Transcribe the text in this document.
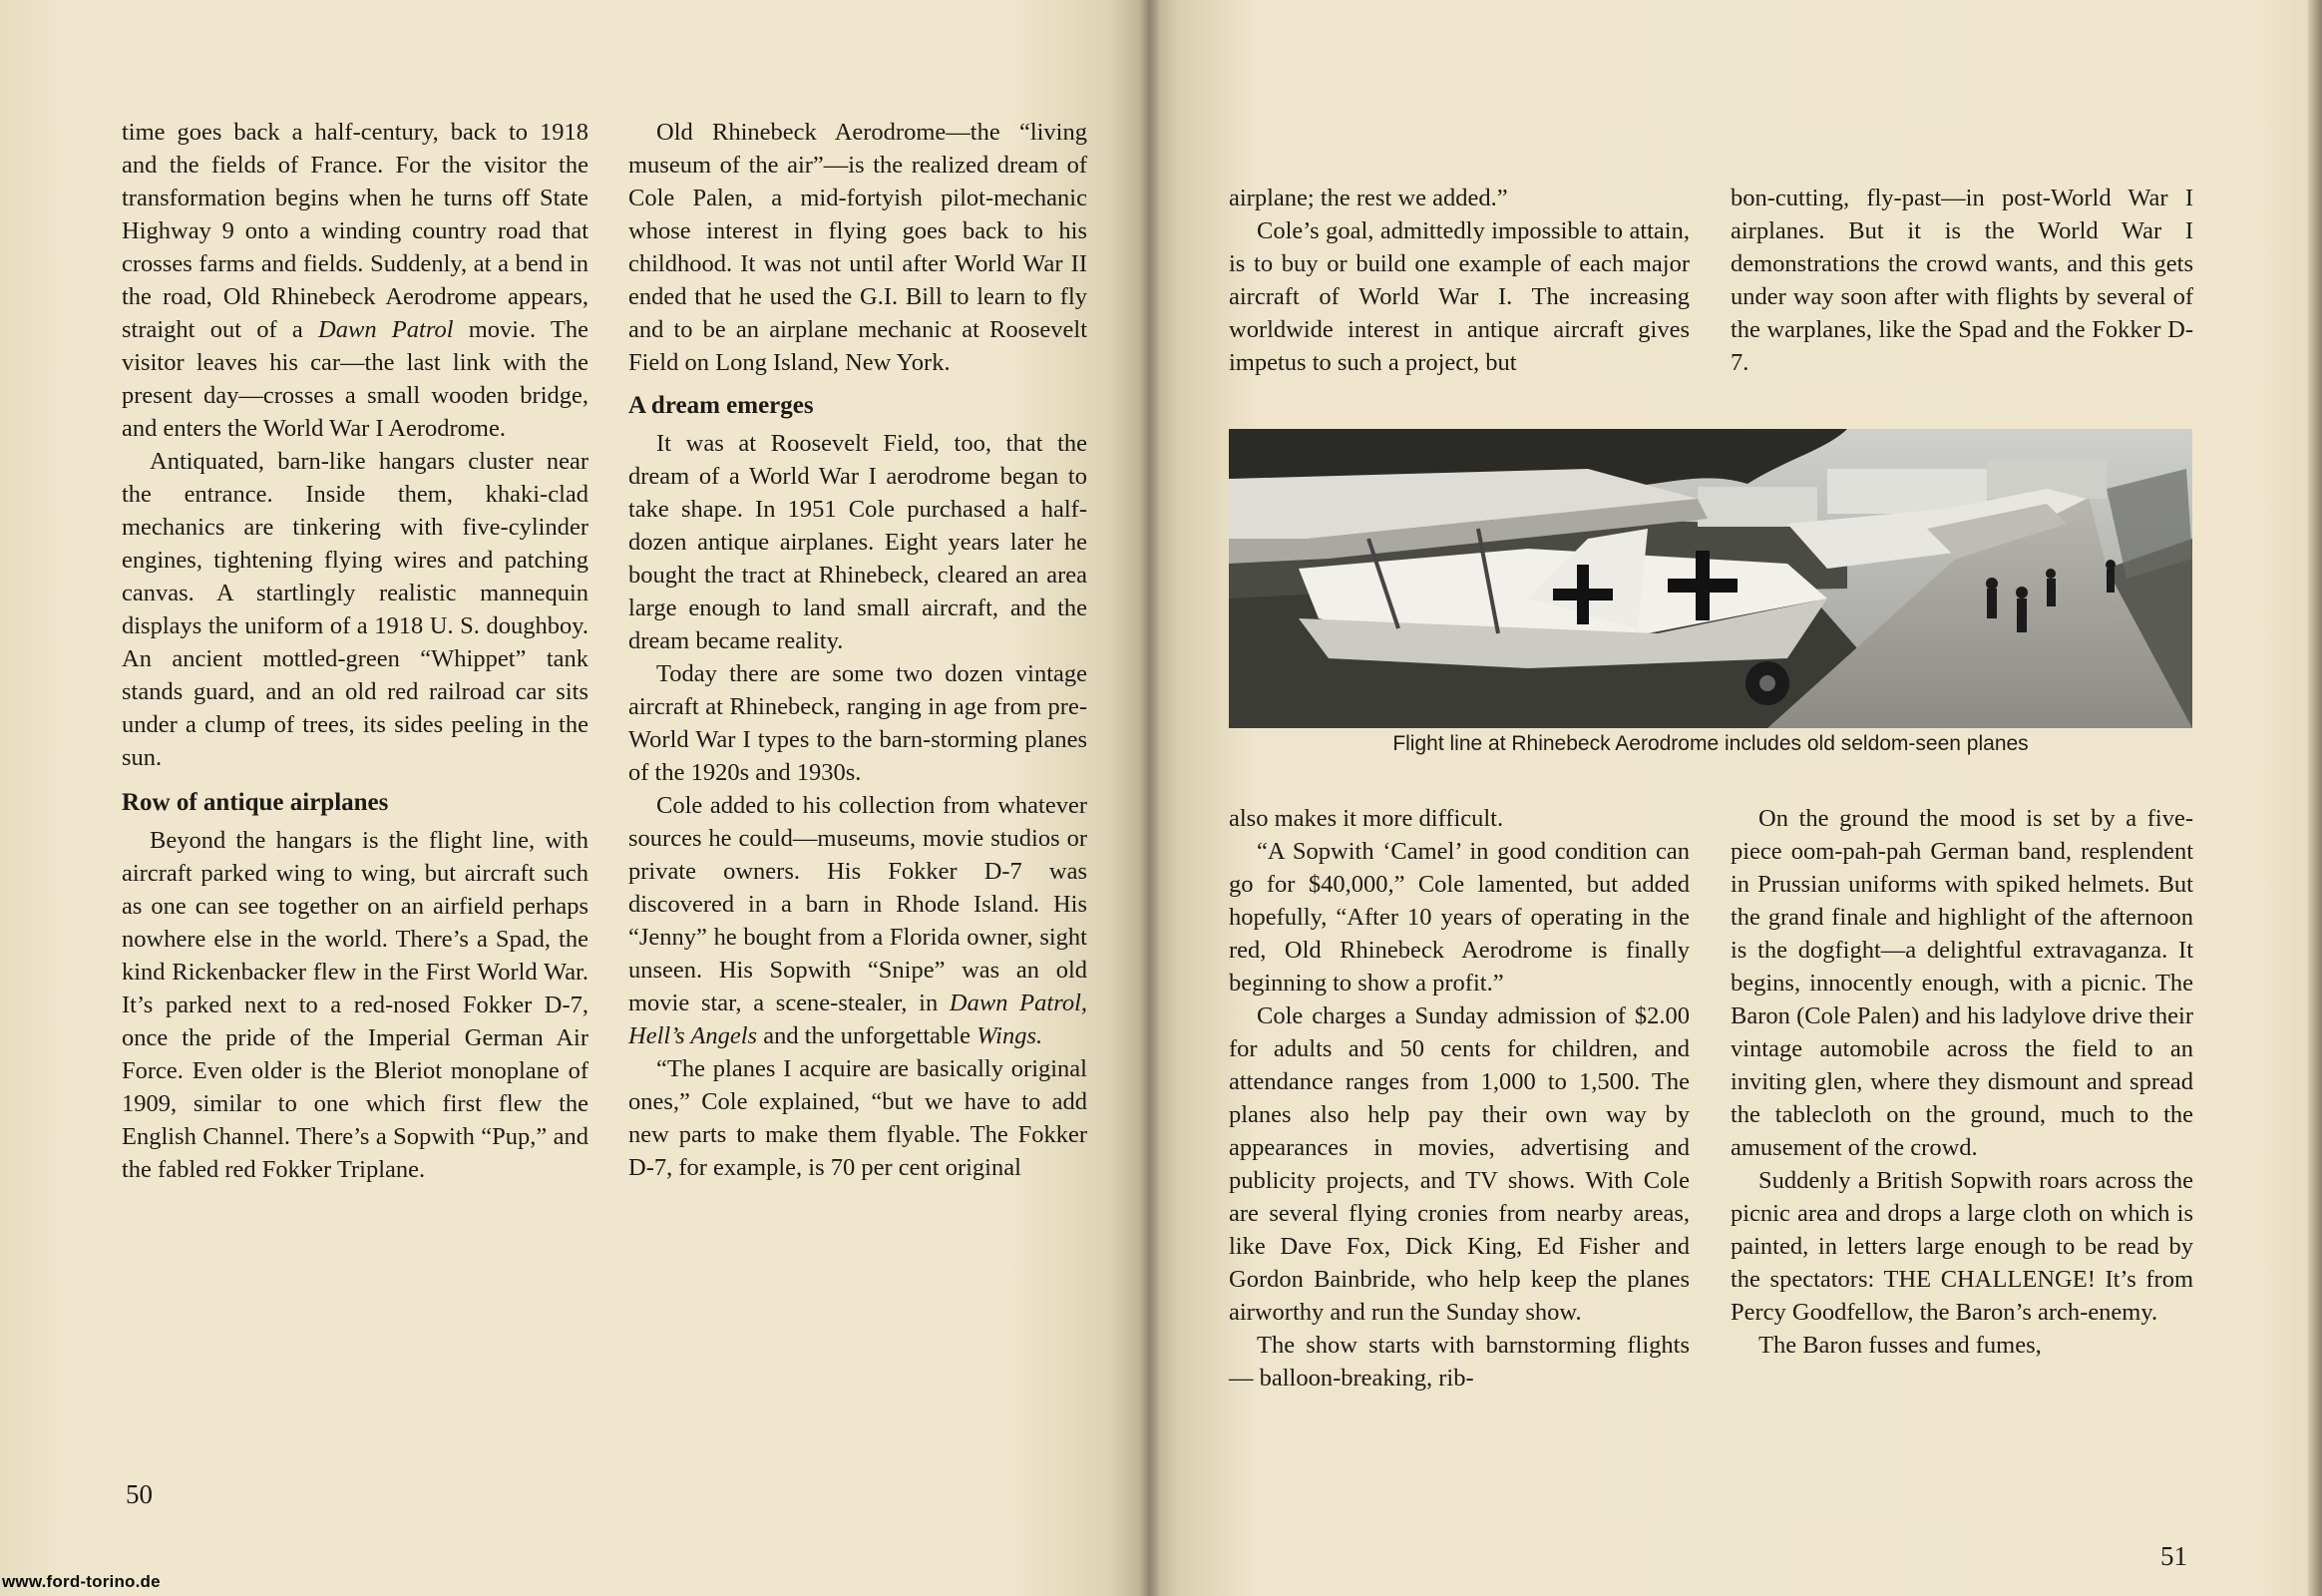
time goes back a half-century, back to 1918 and the fields of France. For the visitor the transformation begins when he turns off State Highway 9 onto a winding country road that crosses farms and fields. Suddenly, at a bend in the road, Old Rhinebeck Aerodrome appears, straight out of a Dawn Patrol movie. The visitor leaves his car—the last link with the present day—crosses a small wooden bridge, and enters the World War I Aerodrome.

Antiquated, barn-like hangars cluster near the entrance. Inside them, khaki-clad mechanics are tinkering with five-cylinder engines, tightening flying wires and patching canvas. A startlingly realistic mannequin displays the uniform of a 1918 U. S. doughboy. An ancient mottled-green “Whippet” tank stands guard, and an old red railroad car sits under a clump of trees, its sides peeling in the sun.

Row of antique airplanes

Beyond the hangars is the flight line, with aircraft parked wing to wing, but aircraft such as one can see together on an airfield perhaps nowhere else in the world. There’s a Spad, the kind Rickenbacker flew in the First World War. It’s parked next to a red-nosed Fokker D-7, once the pride of the Imperial German Air Force. Even older is the Bleriot monoplane of 1909, similar to one which first flew the English Channel. There’s a Sopwith “Pup,” and the fabled red Fokker Triplane.

Old Rhinebeck Aerodrome—the “living museum of the air”—is the realized dream of Cole Palen, a mid-fortyish pilot-mechanic whose interest in flying goes back to his childhood. It was not until after World War II ended that he used the G.I. Bill to learn to fly and to be an airplane mechanic at Roosevelt Field on Long Island, New York.

A dream emerges

It was at Roosevelt Field, too, that the dream of a World War I aerodrome began to take shape. In 1951 Cole purchased a half-dozen antique airplanes. Eight years later he bought the tract at Rhinebeck, cleared an area large enough to land small aircraft, and the dream became reality.

Today there are some two dozen vintage aircraft at Rhinebeck, ranging in age from pre-World War I types to the barn-storming planes of the 1920s and 1930s.

Cole added to his collection from whatever sources he could—museums, movie studios or private owners. His Fokker D-7 was discovered in a barn in Rhode Island. His “Jenny” he bought from a Florida owner, sight unseen. His Sopwith “Snipe” was an old movie star, a scene-stealer, in Dawn Patrol, Hell’s Angels and the unforgettable Wings.

“The planes I acquire are basically original ones,” Cole explained, “but we have to add new parts to make them flyable. The Fokker D-7, for example, is 70 per cent original

50

airplane; the rest we added.”

Cole’s goal, admittedly impossible to attain, is to buy or build one example of each major aircraft of World War I. The increasing worldwide interest in antique aircraft gives impetus to such a project, but

bon-cutting, fly-past—in post-World War I airplanes. But it is the World War I demonstrations the crowd wants, and this gets under way soon after with flights by several of the warplanes, like the Spad and the Fokker D-7.

Flight line at Rhinebeck Aerodrome includes old seldom-seen planes

also makes it more difficult.

“A Sopwith ‘Camel’ in good condition can go for $40,000,” Cole lamented, but added hopefully, “After 10 years of operating in the red, Old Rhinebeck Aerodrome is finally beginning to show a profit.”

Cole charges a Sunday admission of $2.00 for adults and 50 cents for children, and attendance ranges from 1,000 to 1,500. The planes also help pay their own way by appearances in movies, advertising and publicity projects, and TV shows. With Cole are several flying cronies from nearby areas, like Dave Fox, Dick King, Ed Fisher and Gordon Bainbride, who help keep the planes airworthy and run the Sunday show.

The show starts with barnstorming flights — balloon-breaking, rib-

On the ground the mood is set by a five-piece oom-pah-pah German band, resplendent in Prussian uniforms with spiked helmets. But the grand finale and highlight of the afternoon is the dogfight—a delightful extravaganza. It begins, innocently enough, with a picnic. The Baron (Cole Palen) and his ladylove drive their vintage automobile across the field to an inviting glen, where they dismount and spread the tablecloth on the ground, much to the amusement of the crowd.

Suddenly a British Sopwith roars across the picnic area and drops a large cloth on which is painted, in letters large enough to be read by the spectators: THE CHALLENGE! It’s from Percy Goodfellow, the Baron’s arch-enemy.

The Baron fusses and fumes,

51
www.ford-torino.de
